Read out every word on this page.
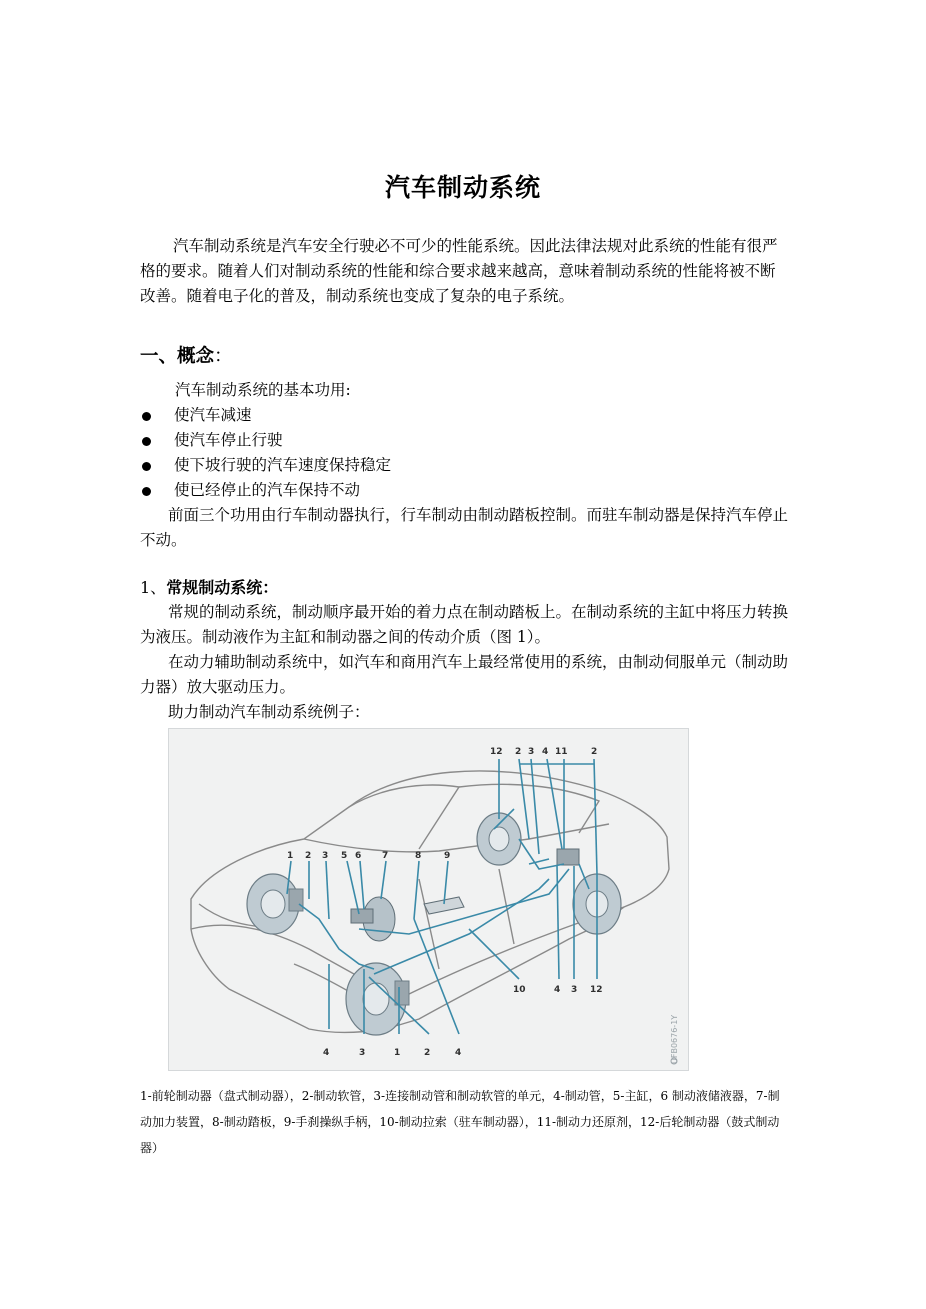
汽车制动系统
汽车制动系统是汽车安全行驶必不可少的性能系统。因此法律法规对此系统的性能有很严格的要求。随着人们对制动系统的性能和综合要求越来越高，意味着制动系统的性能将被不断改善。随着电子化的普及，制动系统也变成了复杂的电子系统。
一、概念：
汽车制动系统的基本功用:
使汽车减速
使汽车停止行驶
使下坡行驶的汽车速度保持稳定
使已经停止的汽车保持不动
前面三个功用由行车制动器执行，行车制动由制动踏板控制。而驻车制动器是保持汽车停止不动。
1、常规制动系统：
常规的制动系统，制动顺序最开始的着力点在制动踏板上。在制动系统的主缸中将压力转换为液压。制动液作为主缸和制动器之间的传动介质（图 1）。
在动力辅助制动系统中，如汽车和商用汽车上最经常使用的系统，由制动伺服单元（制动助力器）放大驱动压力。
助力制动汽车制动系统例子：
1 2 3 5 6 7	8	9
12 2 3 4 11	2
4	3	1	2	4
10	4 3 12
UFB0676-1Y
1-前轮制动器（盘式制动器），2-制动软管，3-连接制动管和制动软管的单元，4-制动管，5-主缸，6 制动液储液器，7-制动加力装置，8-制动踏板，9-手刹操纵手柄，10-制动拉索（驻车制动器），11-制动力还原剂，12-后轮制动器（鼓式制动器）
